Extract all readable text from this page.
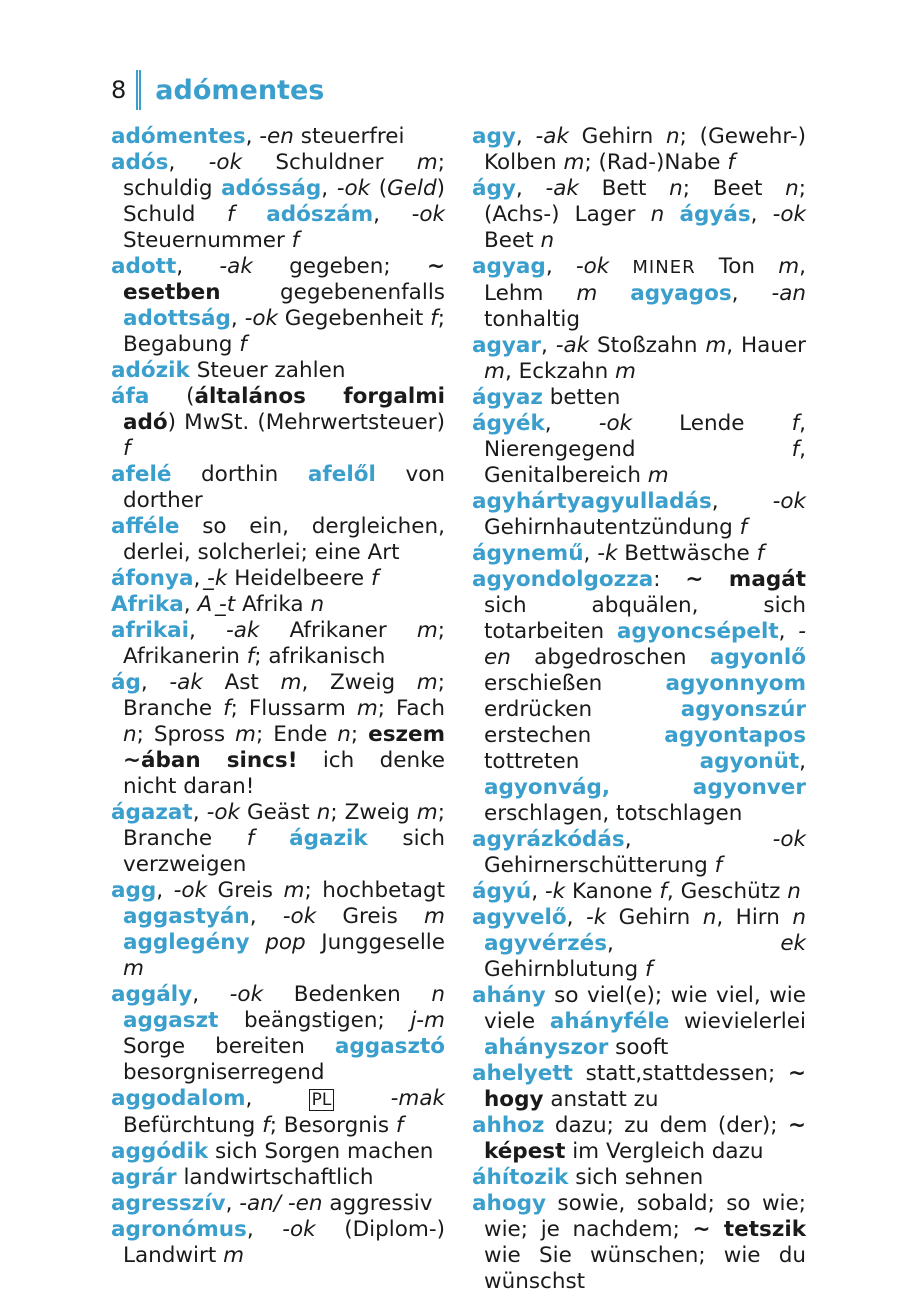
8 adómentes

adómentes, -en steuerfrei

adós, -ok Schuldner m; schuldig adósság, -ok (Geld) Schuld f adószám, -ok Steuernummer f

adott, -ak gegeben; ~ esetben gegebenenfalls adottság, -ok Gegebenheit f; Begabung f

adózik Steuer zahlen

áfa (általános forgalmi adó) MwSt. (Mehrwertsteuer) f

afelé dorthin afelől von dorther

afféle so ein, dergleichen, derlei, solcherlei; eine Art

áfonya, -̲k Heidelbeere f

Afrika, A -̲t Afrika n

afrikai, -ak Afrikaner m; Afrikanerin f; afrikanisch

ág, -ak Ast m, Zweig m; Branche f; Flussarm m; Fach n; Spross m; Ende n; eszem ~ában sincs! ich denke nicht daran!

ágazat, -ok Geäst n; Zweig m; Branche f ágazik sich verzweigen

agg, -ok Greis m; hochbetagt aggastyán, -ok Greis m agglegény pop Junggeselle m

aggály, -ok Bedenken n aggaszt beängstigen; j-m Sorge bereiten aggasztó besorgniserregend

aggodalom, PL	-mak Befürchtung f; Besorgnis f

aggódik sich Sorgen machen

agrár landwirtschaftlich

agresszív, -an/ -en aggressiv

agronómus, -ok (Diplom-) Landwirt m

agy, -ak Gehirn n; (Gewehr-) Kolben m; (Rad-)Nabe f

ágy, -ak Bett n; Beet n; (Achs-) Lager n ágyás, -ok Beet n

agyag, -ok MINER Ton m, Lehm m agyagos, -an tonhaltig

agyar, -ak Stoßzahn m, Hauer m, Eckzahn m

ágyaz betten

ágyék, -ok Lende f, Nierengegend f, Genitalbereich m

agyhártyagyulladás, -ok Gehirnhautentzündung f

ágynemű, -k Bettwäsche f

agyondolgozza: ~ magát sich abquälen, sich totarbeiten agyoncsépelt, -en abgedroschen agyonlő erschießen agyonnyom erdrücken agyonszúr erstechen agyontapos tottreten agyonüt, agyonvág, agyonver erschlagen, totschlagen

agyrázkódás, -ok Gehirnerschütterung f

ágyú, -k Kanone f, Geschütz n

agyvelő, -k Gehirn n, Hirn n agyvérzés, ek Gehirnblutung f

ahány so viel(e); wie viel, wie viele ahányféle wievielerlei ahányszor sooft

ahelyett statt,stattdessen; ~ hogy anstatt zu

ahhoz dazu; zu dem (der); ~ képest im Vergleich dazu

áhítozik sich sehnen

ahogy sowie, sobald; so wie; wie; je nachdem; ~ tetszik wie Sie wünschen; wie du wünschst
